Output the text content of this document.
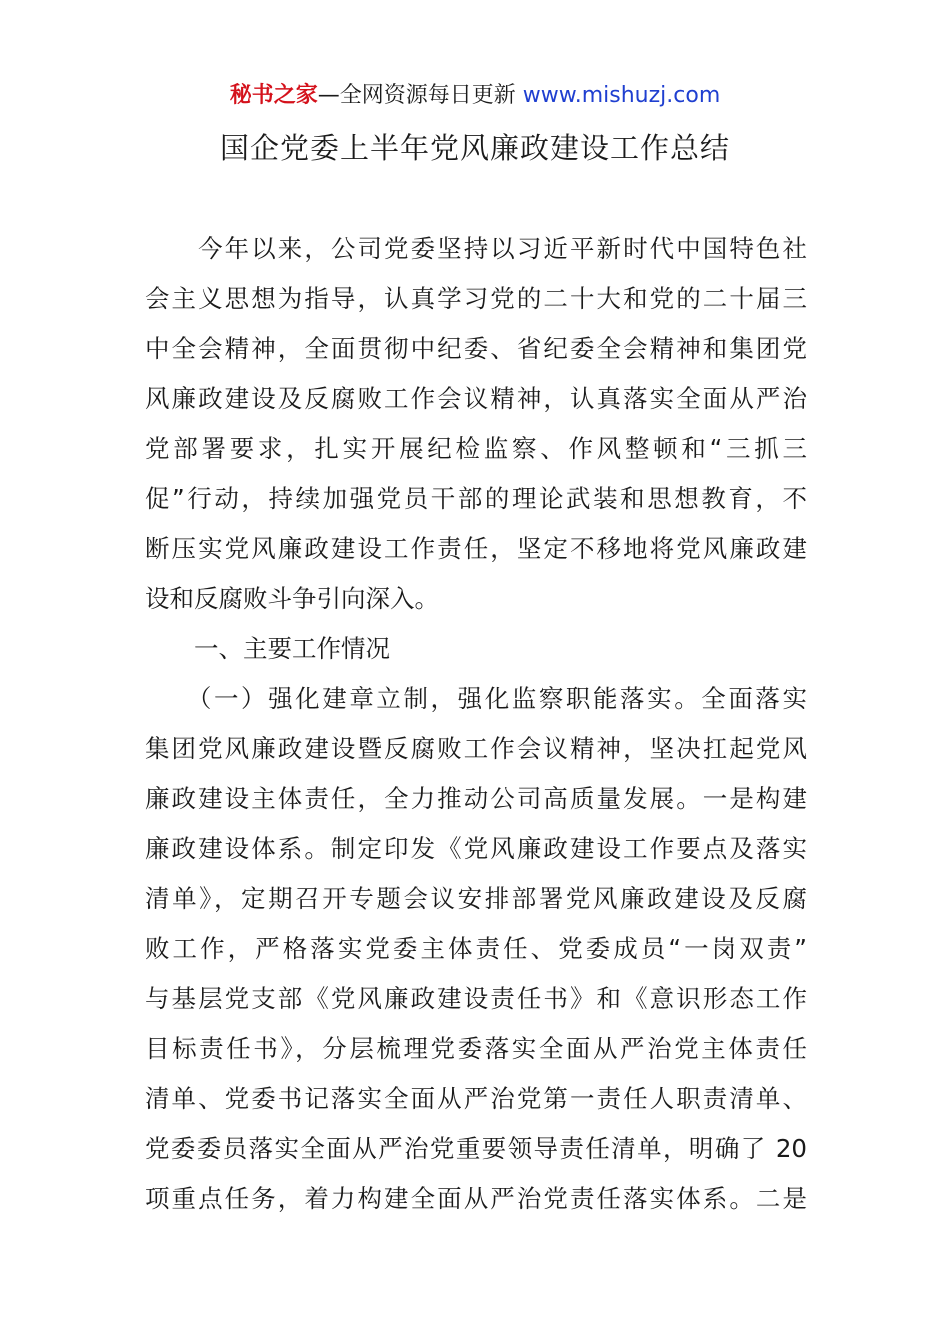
秘书之家—全网资源每日更新 www.mishuzj.com
国企党委上半年党风廉政建设工作总结
　　今年以来，公司党委坚持以习近平新时代中国特色社
会主义思想为指导，认真学习党的二十大和党的二十届三
中全会精神，全面贯彻中纪委、省纪委全会精神和集团党
风廉政建设及反腐败工作会议精神，认真落实全面从严治
党部署要求，扎实开展纪检监察、作风整顿和“三抓三
促”行动，持续加强党员干部的理论武装和思想教育，不
断压实党风廉政建设工作责任，坚定不移地将党风廉政建
设和反腐败斗争引向深入。
　　一、主要工作情况
　　（一）强化建章立制，强化监察职能落实。全面落实
集团党风廉政建设暨反腐败工作会议精神，坚决扛起党风
廉政建设主体责任，全力推动公司高质量发展。一是构建
廉政建设体系。制定印发《党风廉政建设工作要点及落实
清单》，定期召开专题会议安排部署党风廉政建设及反腐
败工作，严格落实党委主体责任、党委成员“一岗双责”
与基层党支部《党风廉政建设责任书》和《意识形态工作
目标责任书》，分层梳理党委落实全面从严治党主体责任
清单、党委书记落实全面从严治党第一责任人职责清单、
党委委员落实全面从严治党重要领导责任清单，明确了 20
项重点任务，着力构建全面从严治党责任落实体系。二是
